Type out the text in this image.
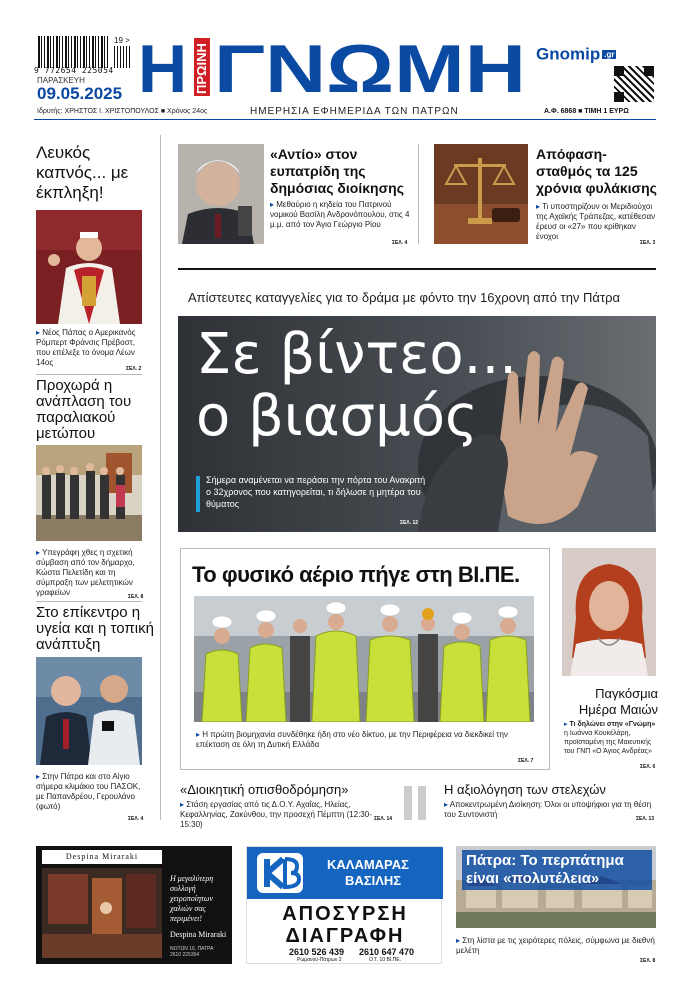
9 772654 225054
19 >
ΠΑΡΑΣΚΕΥΗ
09.05.2025
Ιδρυτής: ΧΡΗΣΤΟΣ Ι. ΧΡΙΣΤΟΠΟΥΛΟΣ ■ Χρόνος 24ος
Η ΠΡΩΙΝΗ ΓΝΩΜΗ Gnomip .gr
ΗΜΕΡΗΣΙΑ ΕΦΗΜΕΡΙΔΑ ΤΩΝ ΠΑΤΡΩΝ	Α.Φ. 6868 ■ ΤΙΜΗ 1 ΕΥΡΩ
Λευκός καπνός... με έκπληξη!
▸ Νέος Πάπας ο Αμερικανός Ρόμπερτ Φράνσις Πρέβοστ, που επέλεξε το όνομα Λέων 14ος
ΣΕΛ. 2
Προχωρά η ανάπλαση του παραλιακού μετώπου
▸ Υπεγράφη χθες η σχετική σύμβαση από τον δήμαρχο, Κώστα Πελετίδη και τη σύμπραξη των μελετητικών γραφείων	ΣΕΛ. 8
Στο επίκεντρο η υγεία και η τοπική ανάπτυξη
▸ Στην Πάτρα και στο Αίγιο σήμερα κλιμάκιο του ΠΑΣΟΚ, με Παπανδρέου, Γερουλάνο (φωτό)
ΣΕΛ. 4
«Αντίο» στον ευπατρίδη της δημόσιας διοίκησης
▸ Μεθαύριο η κηδεία του Πατρινού νομικού Βασίλη Ανδρονόπουλου, στις 4 μ.μ. από τον Άγιο Γεώργιο Ρίου
ΣΕΛ. 4
Απόφαση-σταθμός τα 125 χρόνια φυλάκισης
▸ Τι υποστηρίζουν οι Μεριδιούχοι της Αχαϊκής Τράπεζας, κατέθεσαν έρευσ οι «27» που κρίθηκαν ένοχοι
ΣΕΛ. 3
Απίστευτες καταγγελίες για το δράμα με φόντο την 16χρονη από την Πάτρα
Σε βίντεο...
ο βιασμός
Σήμερα αναμένεται να περάσει την πόρτα του Ανακριτή ο 32χρονος που κατηγορείται, τι δήλωσε η μητέρα του θύματος
ΣΕΛ. 12
Το φυσικό αέριο πήγε στη ΒΙ.ΠΕ.
▸ Η πρώτη βιομηχανία συνδέθηκε ήδη στο νέο δίκτυο, με την Περιφέρεια να διεκδικεί την επέκταση σε όλη τη Δυτική Ελλάδα
ΣΕΛ. 7
Παγκόσμια Ημέρα Μαιών
▸ Τι δηλώνει στην «Γνώμη» η Ιωάννα Κουκέλάρη, προϊσταμένη της Μαιευτικής του ΓΝΠ «Ο Άγιος Ανδρέας»
ΣΕΛ. 6
«Διοικητική οπισθοδρόμηση»
▸ Στάση εργασίας από τις Δ.Ο.Υ. Αχαΐας, Ηλείας, Κεφαλληνίας, Ζακύνθου, την προσεχή Πέμπτη (12:30-15:30)
ΣΕΛ. 14
Η αξιολόγηση των στελεχών
▸ Αποκεντρωμένη Διοίκηση: Όλοι οι υποψήφιοι για τη θέση του Συντονιστή	ΣΕΛ. 13
Despina Miraraki
Η μεγαλύτερη συλλογή χειροποίητων χαλιών σας περιμένει!
Despina Miraraki
ΝΟΤΩΝ 16, ΠΑΤΡΑ
2610 225394
ΚΑΛΑΜΑΡΑΣ
ΒΑΣΙΛΗΣ
ΑΠΟΣΥΡΣΗ
ΔΙΑΓΡΑΦΗ
2610 526 439
Ρωμανού-Πάτρων 2
2610 647 470
Ο.Τ. 10 ΒΙ.ΠΕ.
Πάτρα: Το περπάτημα είναι «πολυτέλεια»
▸ Στη λίστα με τις χειρότερες πόλεις, σύμφωνα με διεθνή μελέτη
ΣΕΛ. 8
